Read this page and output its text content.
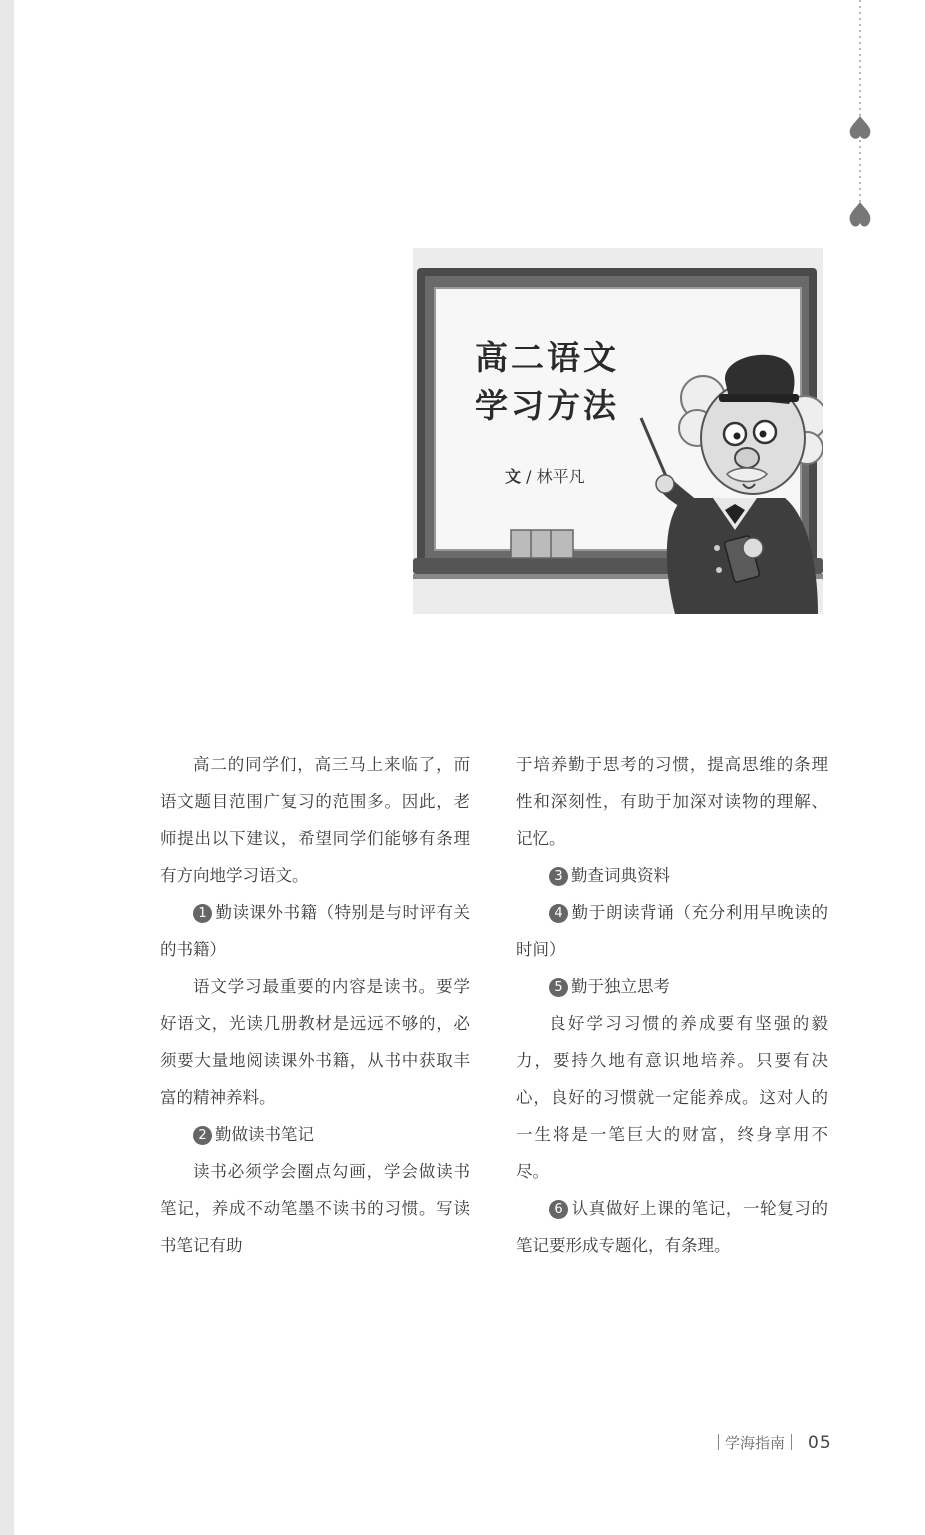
高二语文
学习方法
文 / 林平凡

高二的同学们，高三马上来临了，而语文题目范围广复习的范围多。因此，老师提出以下建议，希望同学们能够有条理有方向地学习语文。

1 勤读课外书籍（特别是与时评有关的书籍）

语文学习最重要的内容是读书。要学好语文，光读几册教材是远远不够的，必须要大量地阅读课外书籍，从书中获取丰富的精神养料。

2 勤做读书笔记

读书必须学会圈点勾画，学会做读书笔记，养成不动笔墨不读书的习惯。写读书笔记有助

于培养勤于思考的习惯，提高思维的条理性和深刻性，有助于加深对读物的理解、记忆。

3 勤查词典资料

4 勤于朗读背诵（充分利用早晚读的时间）

5 勤于独立思考

良好学习习惯的养成要有坚强的毅力，要持久地有意识地培养。只要有决心，良好的习惯就一定能养成。这对人的一生将是一笔巨大的财富，终身享用不尽。

6 认真做好上课的笔记，一轮复习的笔记要形成专题化，有条理。

学海指南 05
